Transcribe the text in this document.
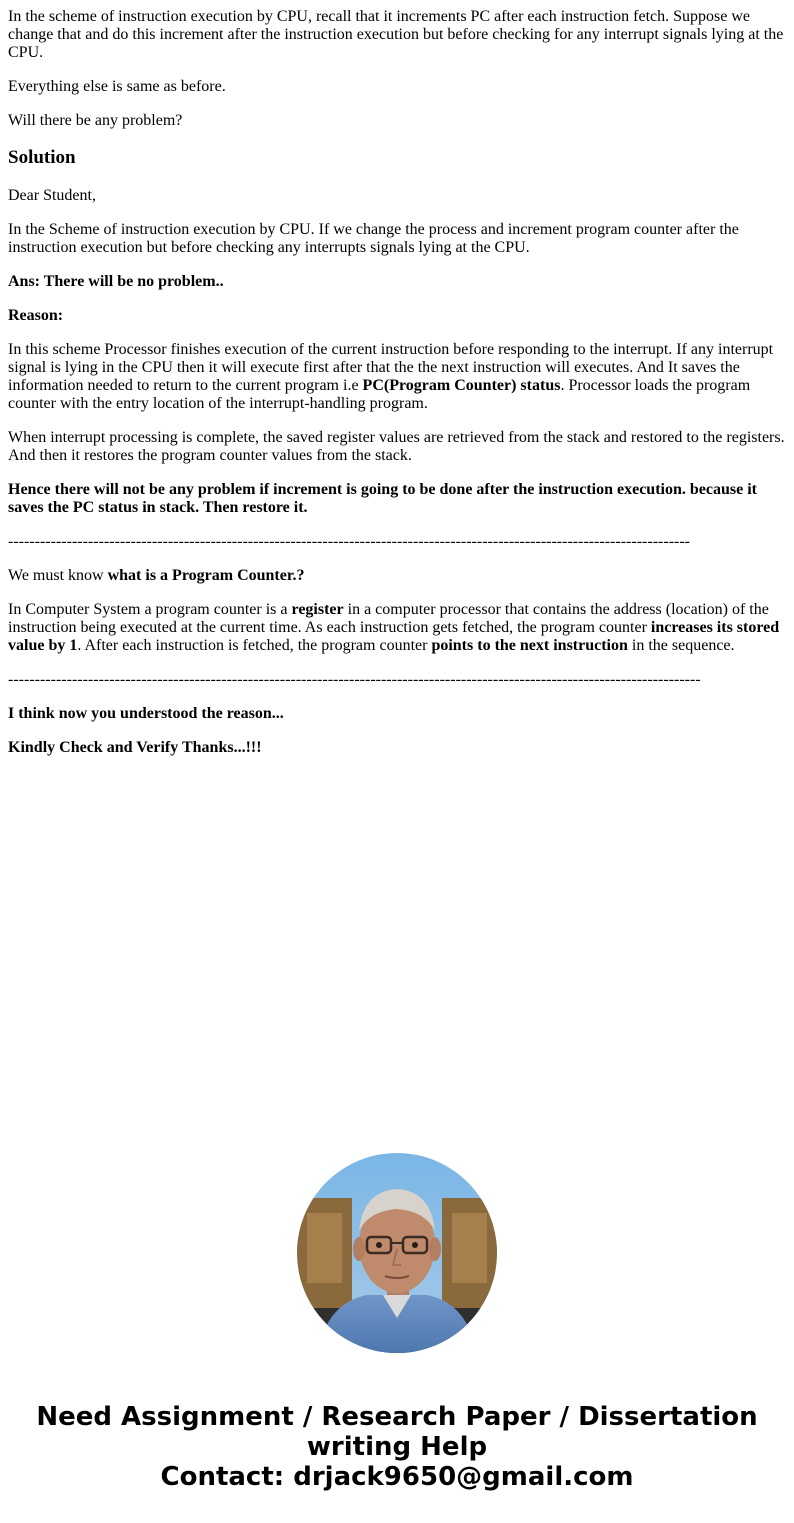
In the scheme of instruction execution by CPU, recall that it increments PC after each instruction fetch. Suppose we change that and do this increment after the instruction execution but before checking for any interrupt signals lying at the CPU.

Everything else is same as before.

Will there be any problem?

Solution

Dear Student,

In the Scheme of instruction execution by CPU. If we change the process and increment program counter after the instruction execution but before checking any interrupts signals lying at the CPU.

Ans: There will be no problem..

Reason:

In this scheme Processor finishes execution of the current instruction before responding to the interrupt. If any interrupt signal is lying in the CPU then it will execute first after that the the next instruction will executes. And It saves the information needed to return to the current program i.e PC(Program Counter) status. Processor loads the program counter with the entry location of the interrupt-handling program.

When interrupt processing is complete, the saved register values are retrieved from the stack and restored to the registers. And then it restores the program counter values from the stack.

Hence there will not be any problem if increment is going to be done after the instruction execution. because it saves the PC status in stack. Then restore it.

--------------------------------------------------------------------------------------------------------------------------------

We must know what is a Program Counter.?

In Computer System a program counter is a register in a computer processor that contains the address (location) of the instruction being executed at the current time. As each instruction gets fetched, the program counter increases its stored value by 1. After each instruction is fetched, the program counter points to the next instruction in the sequence.

----------------------------------------------------------------------------------------------------------------------------------

I think now you understood the reason...

Kindly Check and Verify Thanks...!!!

Need Assignment / Research Paper / Dissertation
writing Help
Contact: drjack9650@gmail.com
